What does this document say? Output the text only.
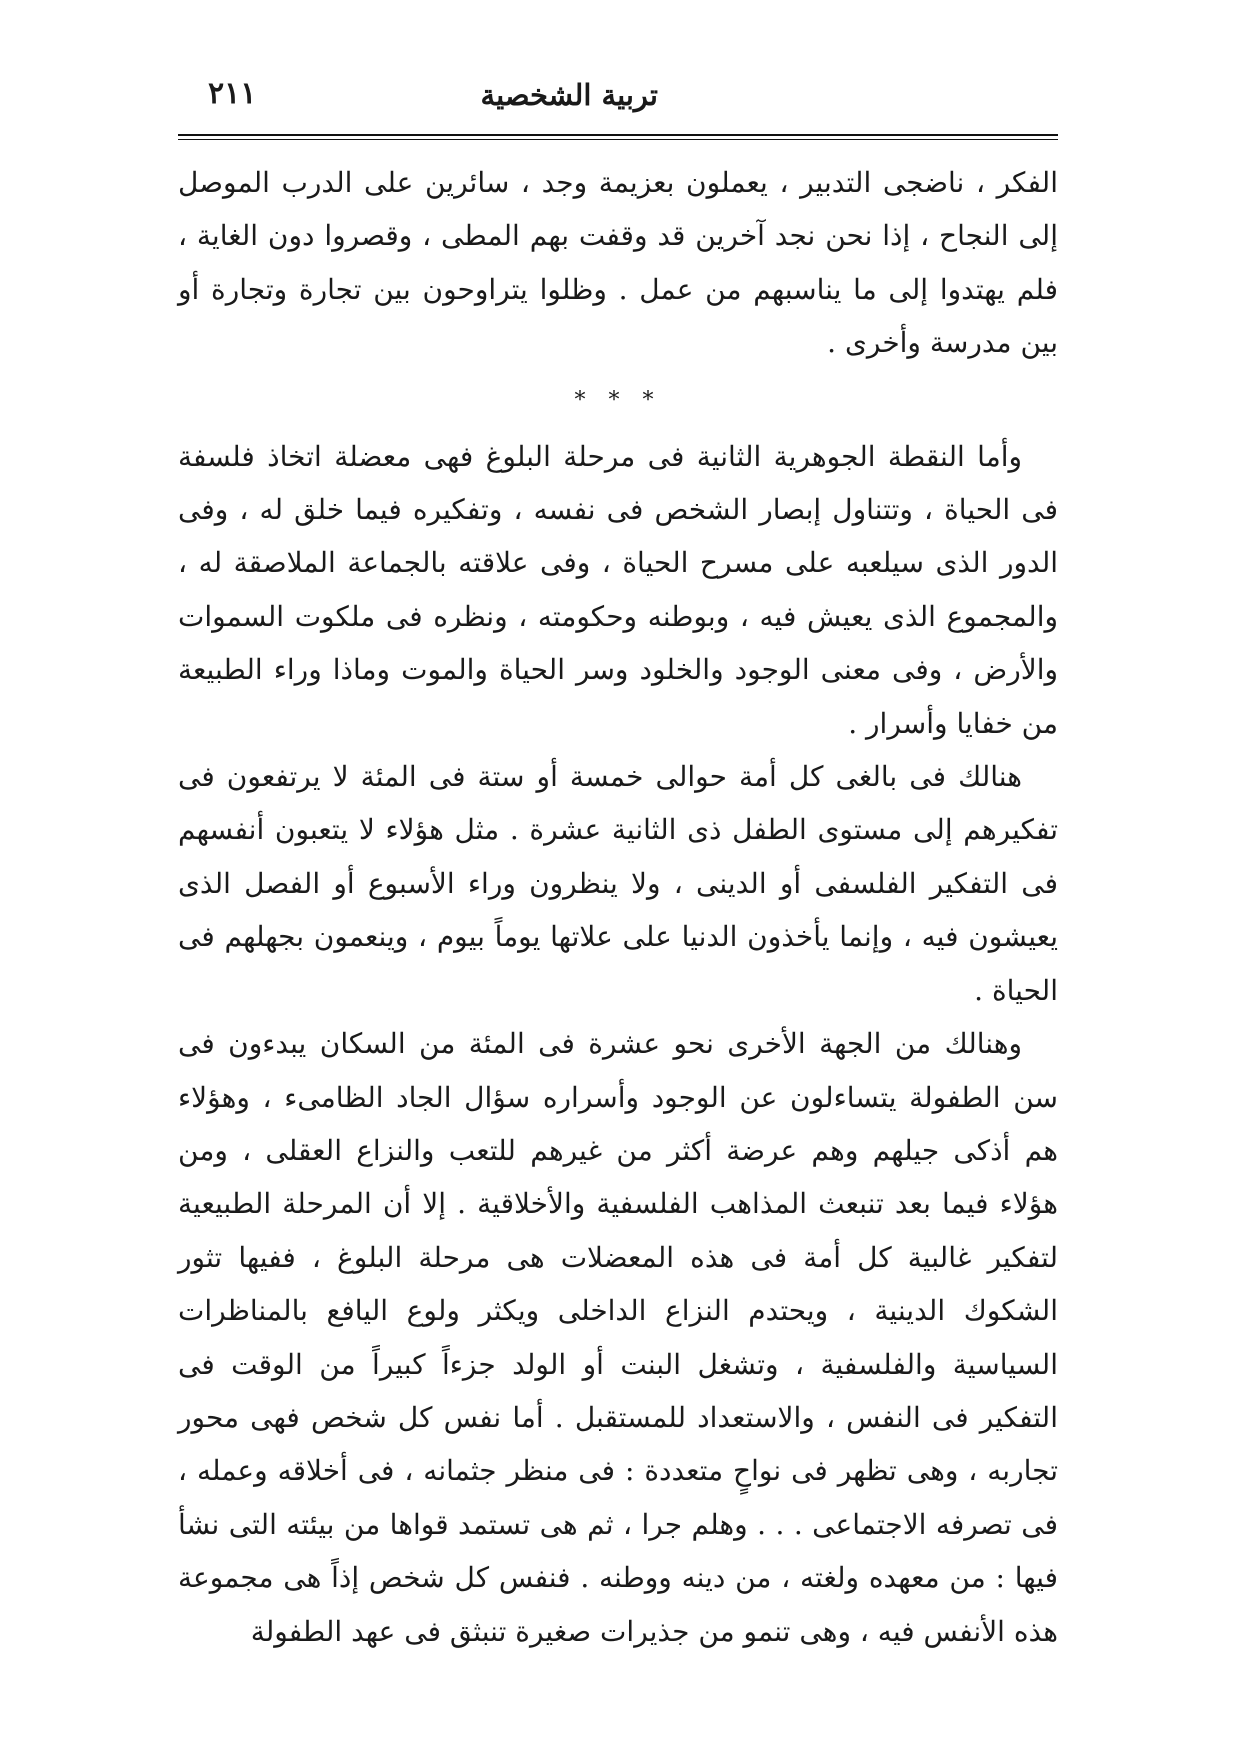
تربية الشخصية
٢١١

الفكر ، ناضجى التدبير ، يعملون بعزيمة وجد ، سائرين على الدرب الموصل إلى النجاح ، إذا نحن نجد آخرين قد وقفت بهم المطى ، وقصروا دون الغاية ، فلم يهتدوا إلى ما يناسبهم من عمل . وظلوا يتراوحون بين تجارة وتجارة أو بين مدرسة وأخرى .

* * *

وأما النقطة الجوهرية الثانية فى مرحلة البلوغ فهى معضلة اتخاذ فلسفة فى الحياة ، وتتناول إبصار الشخص فى نفسه ، وتفكيره فيما خلق له ، وفى الدور الذى سيلعبه على مسرح الحياة ، وفى علاقته بالجماعة الملاصقة له ، والمجموع الذى يعيش فيه ، وبوطنه وحكومته ، ونظره فى ملكوت السموات والأرض ، وفى معنى الوجود والخلود وسر الحياة والموت وماذا وراء الطبيعة من خفايا وأسرار .

هنالك فى بالغى كل أمة حوالى خمسة أو ستة فى المئة لا يرتفعون فى تفكيرهم إلى مستوى الطفل ذى الثانية عشرة . مثل هؤلاء لا يتعبون أنفسهم فى التفكير الفلسفى أو الدينى ، ولا ينظرون وراء الأسبوع أو الفصل الذى يعيشون فيه ، وإنما يأخذون الدنيا على علاتها يوماً بيوم ، وينعمون بجهلهم فى الحياة .

وهنالك من الجهة الأخرى نحو عشرة فى المئة من السكان يبدءون فى سن الطفولة يتساءلون عن الوجود وأسراره سؤال الجاد الظامىء ، وهؤلاء هم أذكى جيلهم وهم عرضة أكثر من غيرهم للتعب والنزاع العقلى ، ومن هؤلاء فيما بعد تنبعث المذاهب الفلسفية والأخلاقية . إلا أن المرحلة الطبيعية لتفكير غالبية كل أمة فى هذه المعضلات هى مرحلة البلوغ ، ففيها تثور الشكوك الدينية ، ويحتدم النزاع الداخلى ويكثر ولوع اليافع بالمناظرات السياسية والفلسفية ، وتشغل البنت أو الولد جزءاً كبيراً من الوقت فى التفكير فى النفس ، والاستعداد للمستقبل . أما نفس كل شخص فهى محور تجاربه ، وهى تظهر فى نواحٍ متعددة : فى منظر جثمانه ، فى أخلاقه وعمله ، فى تصرفه الاجتماعى . . . وهلم جرا ، ثم هى تستمد قواها من بيئته التى نشأ فيها : من معهده ولغته ، من دينه ووطنه . فنفس كل شخص إذاً هى مجموعة هذه الأنفس فيه ، وهى تنمو من جذيرات صغيرة تنبثق فى عهد الطفولة
